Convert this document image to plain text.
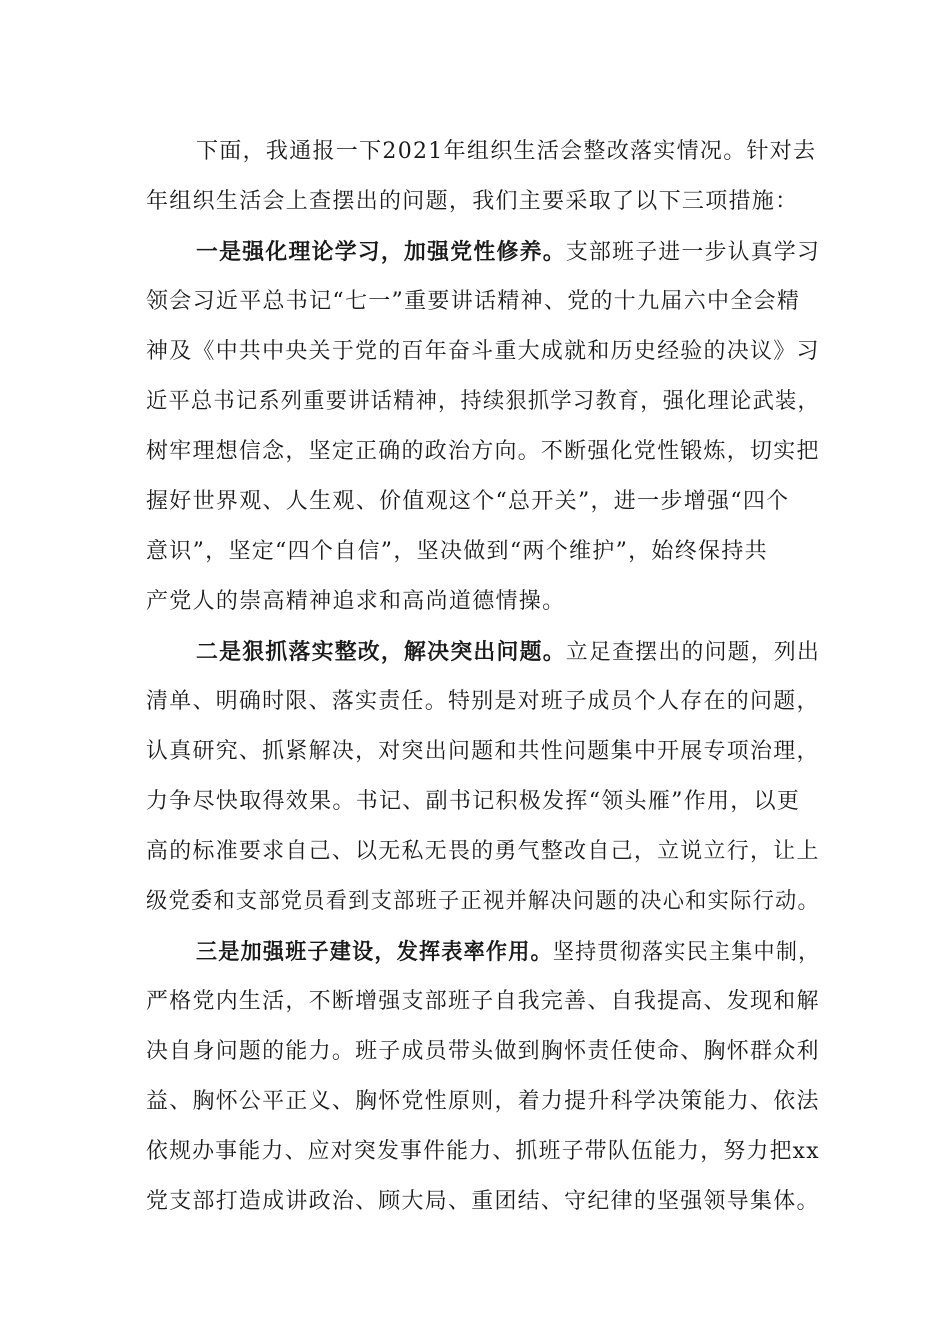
下面，我通报一下2021年组织生活会整改落实情况。针对去
年组织生活会上查摆出的问题，我们主要采取了以下三项措施：
一是强化理论学习，加强党性修养。支部班子进一步认真学习
领会习近平总书记“七一”重要讲话精神、党的十九届六中全会精
神及《中共中央关于党的百年奋斗重大成就和历史经验的决议》习
近平总书记系列重要讲话精神，持续狠抓学习教育，强化理论武装，
树牢理想信念，坚定正确的政治方向。不断强化党性锻炼，切实把
握好世界观、人生观、价值观这个“总开关”，进一步增强“四个
意识”，坚定“四个自信”，坚决做到“两个维护”，始终保持共
产党人的崇高精神追求和高尚道德情操。
二是狠抓落实整改，解决突出问题。立足查摆出的问题，列出
清单、明确时限、落实责任。特别是对班子成员个人存在的问题，
认真研究、抓紧解决，对突出问题和共性问题集中开展专项治理，
力争尽快取得效果。书记、副书记积极发挥“领头雁”作用，以更
高的标准要求自己、以无私无畏的勇气整改自己，立说立行，让上
级党委和支部党员看到支部班子正视并解决问题的决心和实际行动。
三是加强班子建设，发挥表率作用。坚持贯彻落实民主集中制，
严格党内生活，不断增强支部班子自我完善、自我提高、发现和解
决自身问题的能力。班子成员带头做到胸怀责任使命、胸怀群众利
益、胸怀公平正义、胸怀党性原则，着力提升科学决策能力、依法
依规办事能力、应对突发事件能力、抓班子带队伍能力，努力把xx
党支部打造成讲政治、顾大局、重团结、守纪律的坚强领导集体。
